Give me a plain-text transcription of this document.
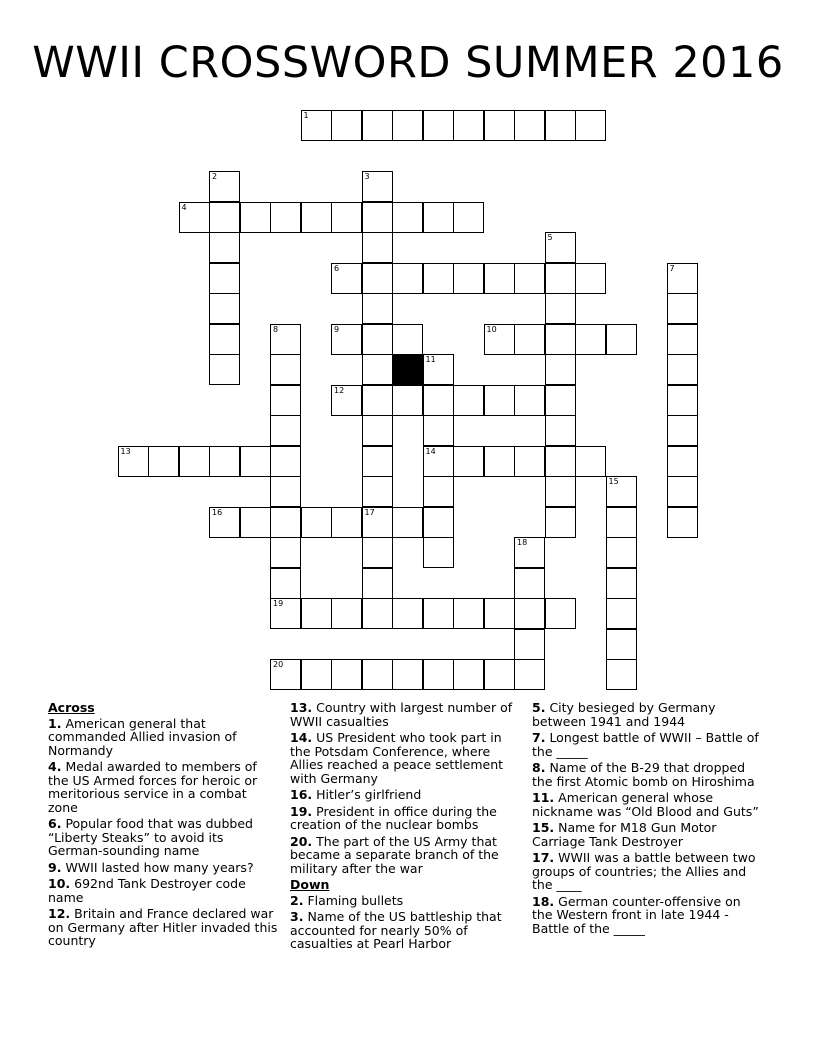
WWII CROSSWORD SUMMER 2016
1
2	3
4
5
6	7
8	9	10
11
14
12
13
15
16	17
18
19
20
Across

1. American general that commanded Allied invasion of Normandy

4. Medal awarded to members of the US Armed forces for heroic or meritorious service in a combat zone

6. Popular food that was dubbed “Liberty Steaks” to avoid its German-sounding name

9. WWII lasted how many years?

10. 692nd Tank Destroyer code name

12. Britain and France declared war on Germany after Hitler invaded this country

13. Country with largest number of WWII casualties

14. US President who took part in the Potsdam Conference, where Allies reached a peace settlement with Germany

16. Hitler’s girlfriend

19. President in office during the creation of the nuclear bombs

20. The part of the US Army that became a separate branch of the military after the war

Down

2. Flaming bullets

3. Name of the US battleship that accounted for nearly 50% of casualties at Pearl Harbor

5. City besieged by Germany between 1941 and 1944

7. Longest battle of WWII – Battle of the _____

8. Name of the B-29 that dropped the first Atomic bomb on Hiroshima

11. American general whose nickname was “Old Blood and Guts”

15. Name for M18 Gun Motor Carriage Tank Destroyer

17. WWII was a battle between two groups of countries; the Allies and the ____

18. German counter-offensive on the Western front in late 1944 - Battle of the _____
